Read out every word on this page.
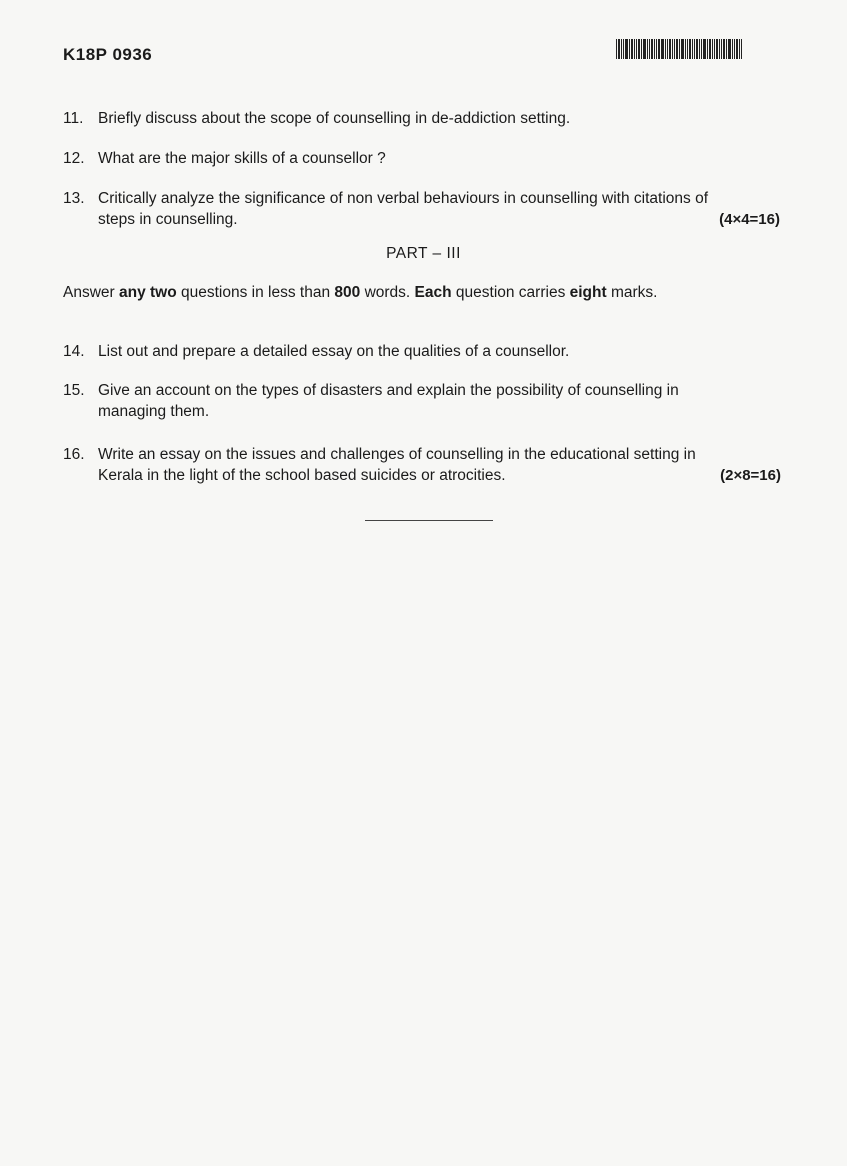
K18P 0936
11. Briefly discuss about the scope of counselling in de-addiction setting.
12. What are the major skills of a counsellor ?
13. Critically analyze the significance of non verbal behaviours in counselling with citations of steps in counselling.	(4×4=16)
PART – III
Answer any two questions in less than 800 words. Each question carries eight marks.
14. List out and prepare a detailed essay on the qualities of a counsellor.
15. Give an account on the types of disasters and explain the possibility of counselling in managing them.
16. Write an essay on the issues and challenges of counselling in the educational setting in Kerala in the light of the school based suicides or atrocities.	(2×8=16)
